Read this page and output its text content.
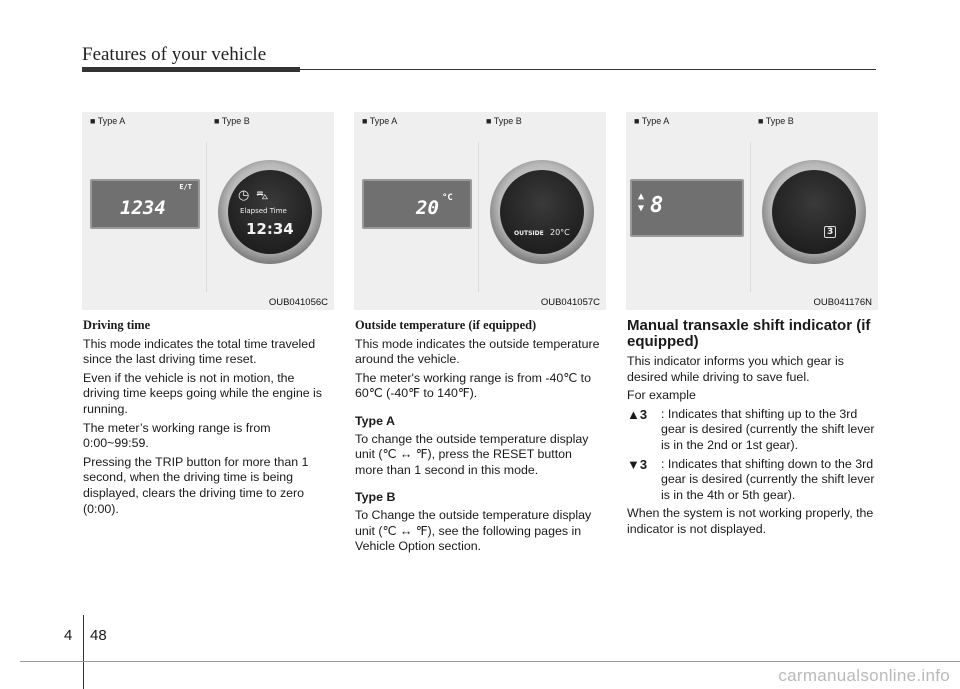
Features of your vehicle
■ Type A	■ Type B
E/T
1234
◷ ⛍
Elapsed Time
12:34
OUB041056C
■ Type A	■ Type B
20 °C
OUTSIDE 20°C
OUB041057C
■ Type A	■ Type B
▲
▼ 8
3
OUB041176N
Driving time

This mode indicates the total time traveled since the last driving time reset.

Even if the vehicle is not in motion, the driving time keeps going while the engine is running.

The meter’s working range is from 0:00~99:59.

Pressing the TRIP button for more than 1 second, when the driving time is being displayed, clears the driving time to zero (0:00).

Outside temperature (if equipped)

This mode indicates the outside temperature around the vehicle.

The meter's working range is from -40℃ to 60℃ (-40℉ to 140℉).

Type A

To change the outside temperature display unit (℃ ↔ ℉), press the RESET button more than 1 second in this mode.

Type B

To Change the outside temperature display unit (℃ ↔ ℉), see the following pages in Vehicle Option section.

Manual transaxle shift indicator (if equipped)

This indicator informs you which gear is desired while driving to save fuel.

For example

▲3	: Indicates that shifting up to the 3rd gear is desired (currently the shift lever is in the 2nd or 1st gear).
▼3	: Indicates that shifting down to the 3rd gear is desired (currently the shift lever is in the 4th or 5th gear).

When the system is not working properly, the indicator is not displayed.

4 48
carmanualsonline.info
